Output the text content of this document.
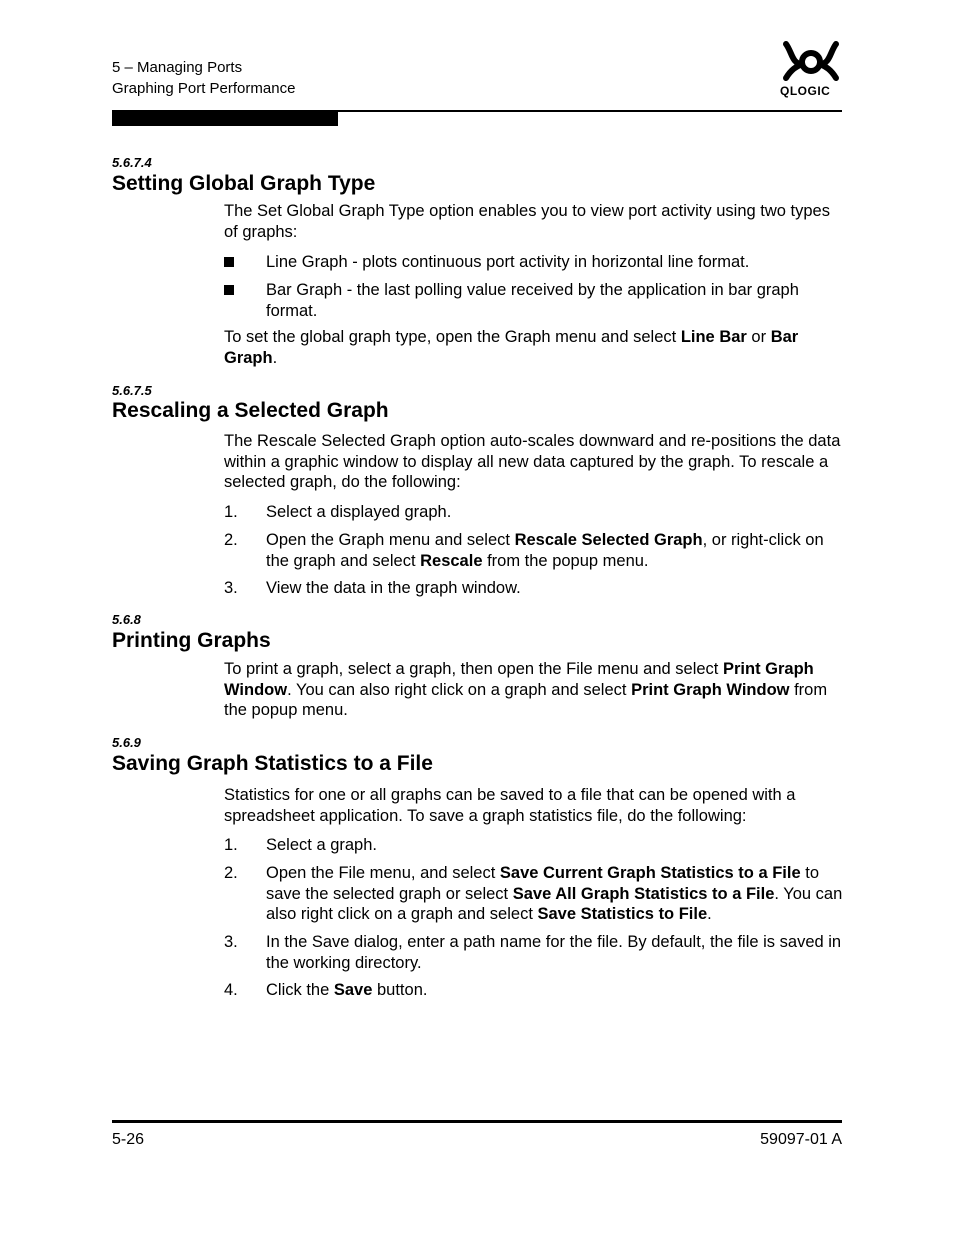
5 – Managing Ports
Graphing Port Performance	QLOGIC
5.6.7.4
Setting Global Graph Type
The Set Global Graph Type option enables you to view port activity using two types of graphs:
Line Graph - plots continuous port activity in horizontal line format.
Bar Graph - the last polling value received by the application in bar graph format.
To set the global graph type, open the Graph menu and select Line Bar or Bar Graph.
5.6.7.5
Rescaling a Selected Graph
The Rescale Selected Graph option auto-scales downward and re-positions the data within a graphic window to display all new data captured by the graph. To rescale a selected graph, do the following:
1. Select a displayed graph.
2. Open the Graph menu and select Rescale Selected Graph, or right-click on the graph and select Rescale from the popup menu.
3. View the data in the graph window.
5.6.8
Printing Graphs
To print a graph, select a graph, then open the File menu and select Print Graph Window. You can also right click on a graph and select Print Graph Window from the popup menu.
5.6.9
Saving Graph Statistics to a File
Statistics for one or all graphs can be saved to a file that can be opened with a spreadsheet application. To save a graph statistics file, do the following:
1. Select a graph.
2. Open the File menu, and select Save Current Graph Statistics to a File to save the selected graph or select Save All Graph Statistics to a File. You can also right click on a graph and select Save Statistics to File.
3. In the Save dialog, enter a path name for the file. By default, the file is saved in the working directory.
4. Click the Save button.
5-26	59097-01 A
